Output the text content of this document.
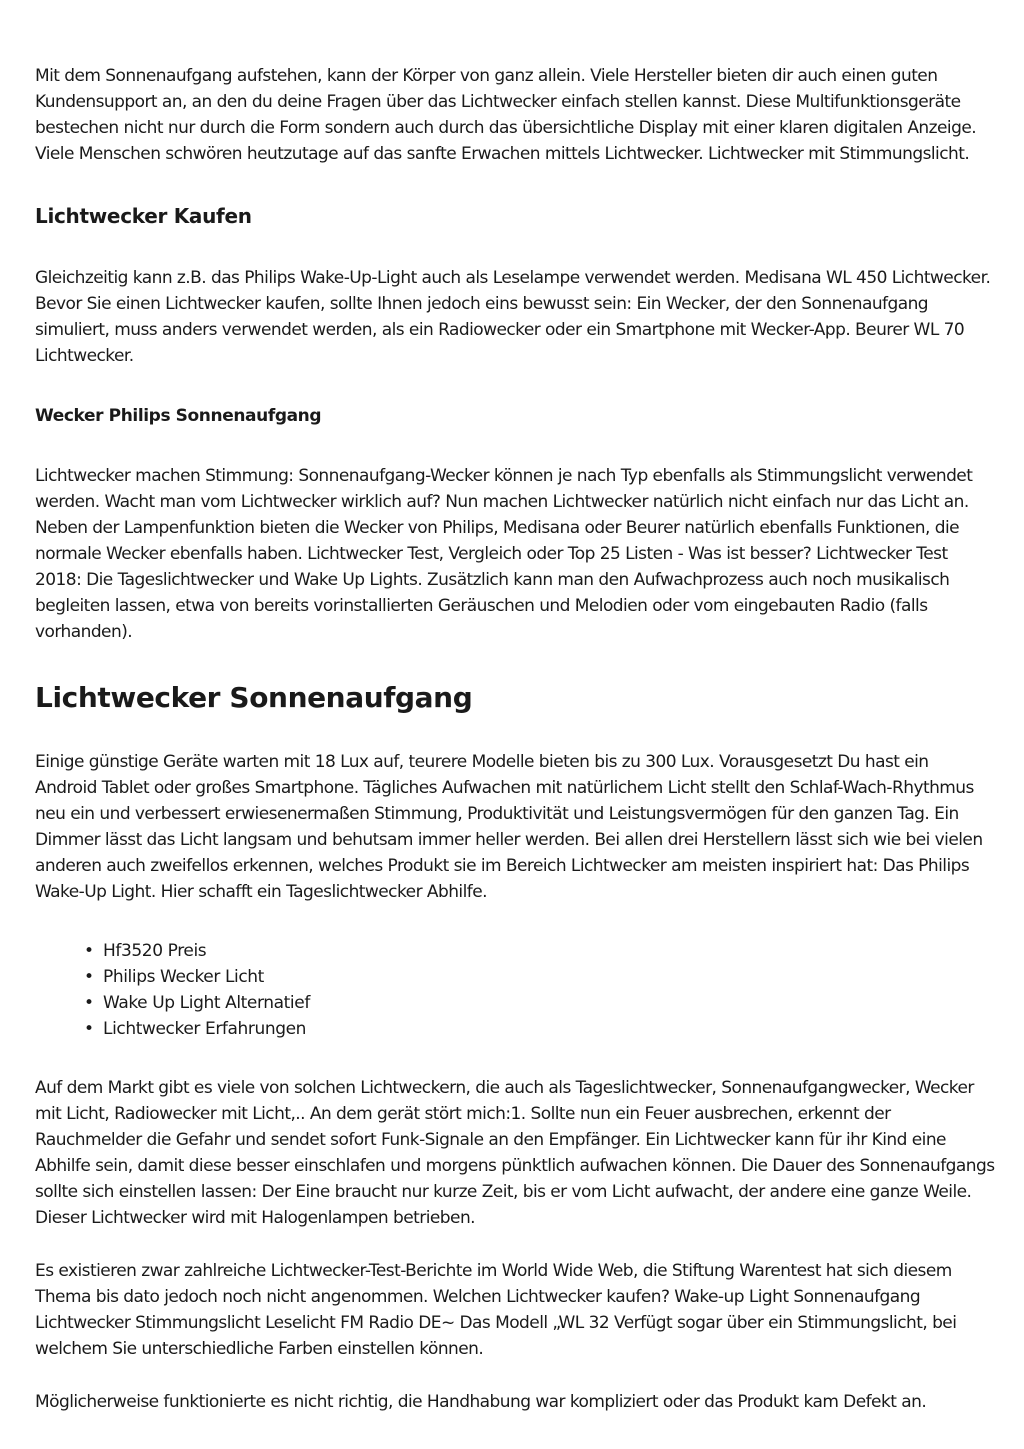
Mit dem Sonnenaufgang aufstehen, kann der Körper von ganz allein. Viele Hersteller bieten dir auch einen guten Kundensupport an, an den du deine Fragen über das Lichtwecker einfach stellen kannst. Diese Multifunktionsgeräte bestechen nicht nur durch die Form sondern auch durch das übersichtliche Display mit einer klaren digitalen Anzeige. Viele Menschen schwören heutzutage auf das sanfte Erwachen mittels Lichtwecker. Lichtwecker mit Stimmungslicht.

Lichtwecker Kaufen

Gleichzeitig kann z.B. das Philips Wake-Up-Light auch als Leselampe verwendet werden. Medisana WL 450 Lichtwecker. Bevor Sie einen Lichtwecker kaufen, sollte Ihnen jedoch eins bewusst sein: Ein Wecker, der den Sonnenaufgang simuliert, muss anders verwendet werden, als ein Radiowecker oder ein Smartphone mit Wecker-App. Beurer WL 70 Lichtwecker.

Wecker Philips Sonnenaufgang

Lichtwecker machen Stimmung: Sonnenaufgang-Wecker können je nach Typ ebenfalls als Stimmungslicht verwendet werden. Wacht man vom Lichtwecker wirklich auf? Nun machen Lichtwecker natürlich nicht einfach nur das Licht an. Neben der Lampenfunktion bieten die Wecker von Philips, Medisana oder Beurer natürlich ebenfalls Funktionen, die normale Wecker ebenfalls haben. Lichtwecker Test, Vergleich oder Top 25 Listen - Was ist besser? Lichtwecker Test 2018: Die Tageslichtwecker und Wake Up Lights. Zusätzlich kann man den Aufwachprozess auch noch musikalisch begleiten lassen, etwa von bereits vorinstallierten Geräuschen und Melodien oder vom eingebauten Radio (falls vorhanden).

Lichtwecker Sonnenaufgang

Einige günstige Geräte warten mit 18 Lux auf, teurere Modelle bieten bis zu 300 Lux. Vorausgesetzt Du hast ein Android Tablet oder großes Smartphone. Tägliches Aufwachen mit natürlichem Licht stellt den Schlaf-Wach-Rhythmus neu ein und verbessert erwiesenermaßen Stimmung, Produktivität und Leistungsvermögen für den ganzen Tag. Ein Dimmer lässt das Licht langsam und behutsam immer heller werden. Bei allen drei Herstellern lässt sich wie bei vielen anderen auch zweifellos erkennen, welches Produkt sie im Bereich Lichtwecker am meisten inspiriert hat: Das Philips Wake-Up Light. Hier schafft ein Tageslichtwecker Abhilfe.

• Hf3520 Preis
• Philips Wecker Licht
• Wake Up Light Alternatief
• Lichtwecker Erfahrungen

Auf dem Markt gibt es viele von solchen Lichtweckern, die auch als Tageslichtwecker, Sonnenaufgangwecker, Wecker mit Licht, Radiowecker mit Licht,.. An dem gerät stört mich:1. Sollte nun ein Feuer ausbrechen, erkennt der Rauchmelder die Gefahr und sendet sofort Funk-Signale an den Empfänger. Ein Lichtwecker kann für ihr Kind eine Abhilfe sein, damit diese besser einschlafen und morgens pünktlich aufwachen können. Die Dauer des Sonnenaufgangs sollte sich einstellen lassen: Der Eine braucht nur kurze Zeit, bis er vom Licht aufwacht, der andere eine ganze Weile. Dieser Lichtwecker wird mit Halogenlampen betrieben.

Es existieren zwar zahlreiche Lichtwecker-Test-Berichte im World Wide Web, die Stiftung Warentest hat sich diesem Thema bis dato jedoch noch nicht angenommen. Welchen Lichtwecker kaufen? Wake-up Light Sonnenaufgang Lichtwecker Stimmungslicht Leselicht FM Radio DE~ Das Modell „WL 32 Verfügt sogar über ein Stimmungslicht, bei welchem Sie unterschiedliche Farben einstellen können.

Möglicherweise funktionierte es nicht richtig, die Handhabung war kompliziert oder das Produkt kam Defekt an.
